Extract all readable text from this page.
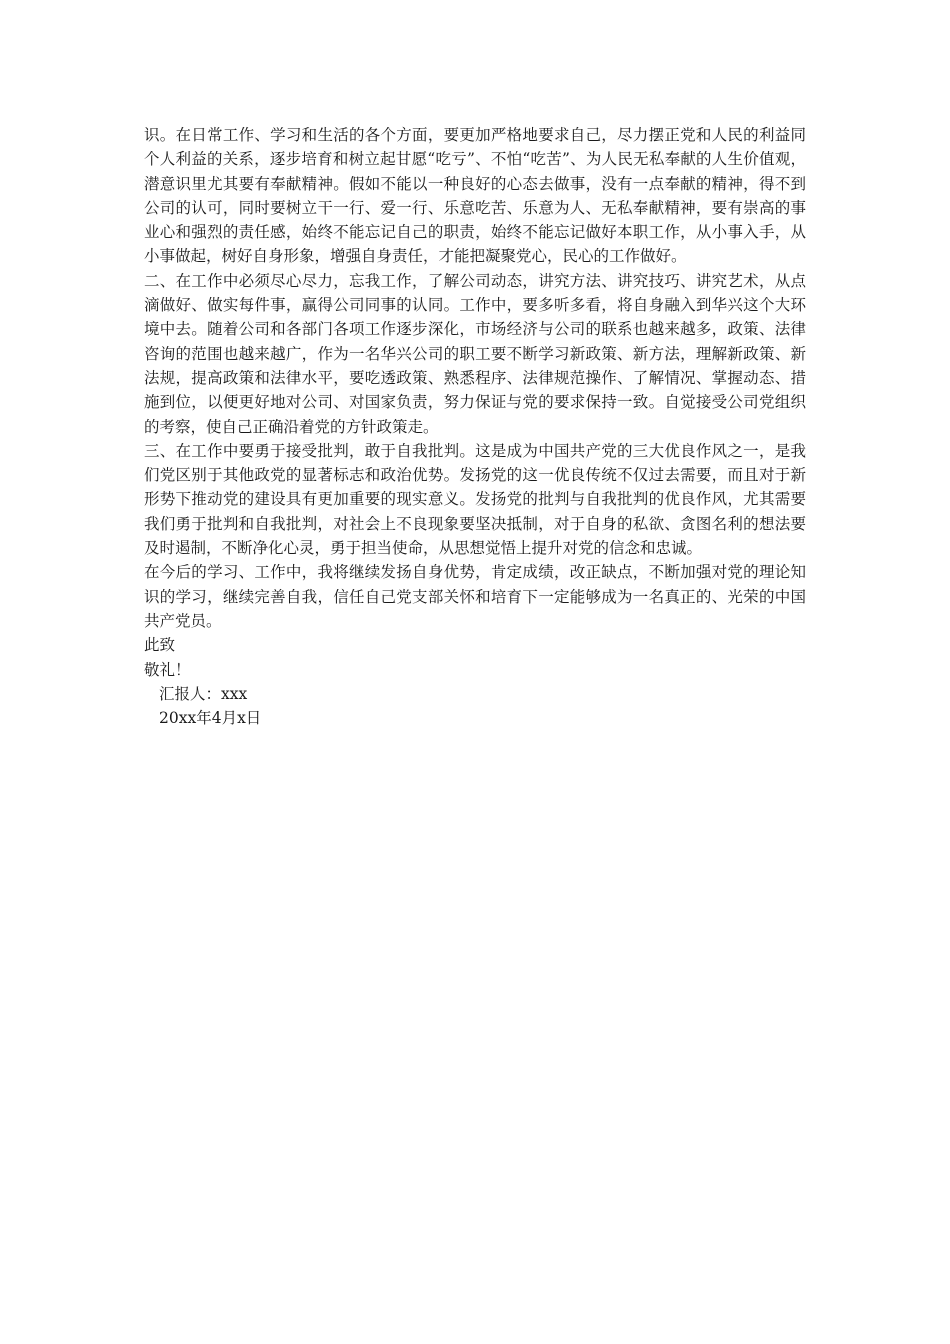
识。在日常工作、学习和生活的各个方面，要更加严格地要求自己，尽力摆正党和人民的利益同个人利益的关系，逐步培育和树立起甘愿“吃亏”、不怕“吃苦”、为人民无私奉献的人生价值观，潜意识里尤其要有奉献精神。假如不能以一种良好的心态去做事，没有一点奉献的精神，得不到公司的认可，同时要树立干一行、爱一行、乐意吃苦、乐意为人、无私奉献精神，要有崇高的事业心和强烈的责任感，始终不能忘记自己的职责，始终不能忘记做好本职工作，从小事入手，从小事做起，树好自身形象，增强自身责任，才能把凝聚党心，民心的工作做好。

二、在工作中必须尽心尽力，忘我工作，了解公司动态，讲究方法、讲究技巧、讲究艺术，从点滴做好、做实每件事，赢得公司同事的认同。工作中，要多听多看，将自身融入到华兴这个大环境中去。随着公司和各部门各项工作逐步深化，市场经济与公司的联系也越来越多，政策、法律咨询的范围也越来越广，作为一名华兴公司的职工要不断学习新政策、新方法，理解新政策、新法规，提高政策和法律水平，要吃透政策、熟悉程序、法律规范操作、了解情况、掌握动态、措施到位，以便更好地对公司、对国家负责，努力保证与党的要求保持一致。自觉接受公司党组织的考察，使自己正确沿着党的方针政策走。

三、在工作中要勇于接受批判，敢于自我批判。这是成为中国共产党的三大优良作风之一，是我们党区别于其他政党的显著标志和政治优势。发扬党的这一优良传统不仅过去需要，而且对于新形势下推动党的建设具有更加重要的现实意义。发扬党的批判与自我批判的优良作风，尤其需要我们勇于批判和自我批判，对社会上不良现象要坚决抵制，对于自身的私欲、贪图名利的想法要及时遏制，不断净化心灵，勇于担当使命，从思想觉悟上提升对党的信念和忠诚。

在今后的学习、工作中，我将继续发扬自身优势，肯定成绩，改正缺点，不断加强对党的理论知识的学习，继续完善自我，信任自己党支部关怀和培育下一定能够成为一名真正的、光荣的中国共产党员。

此致

敬礼！

汇报人：xxx

20xx年4月x日
